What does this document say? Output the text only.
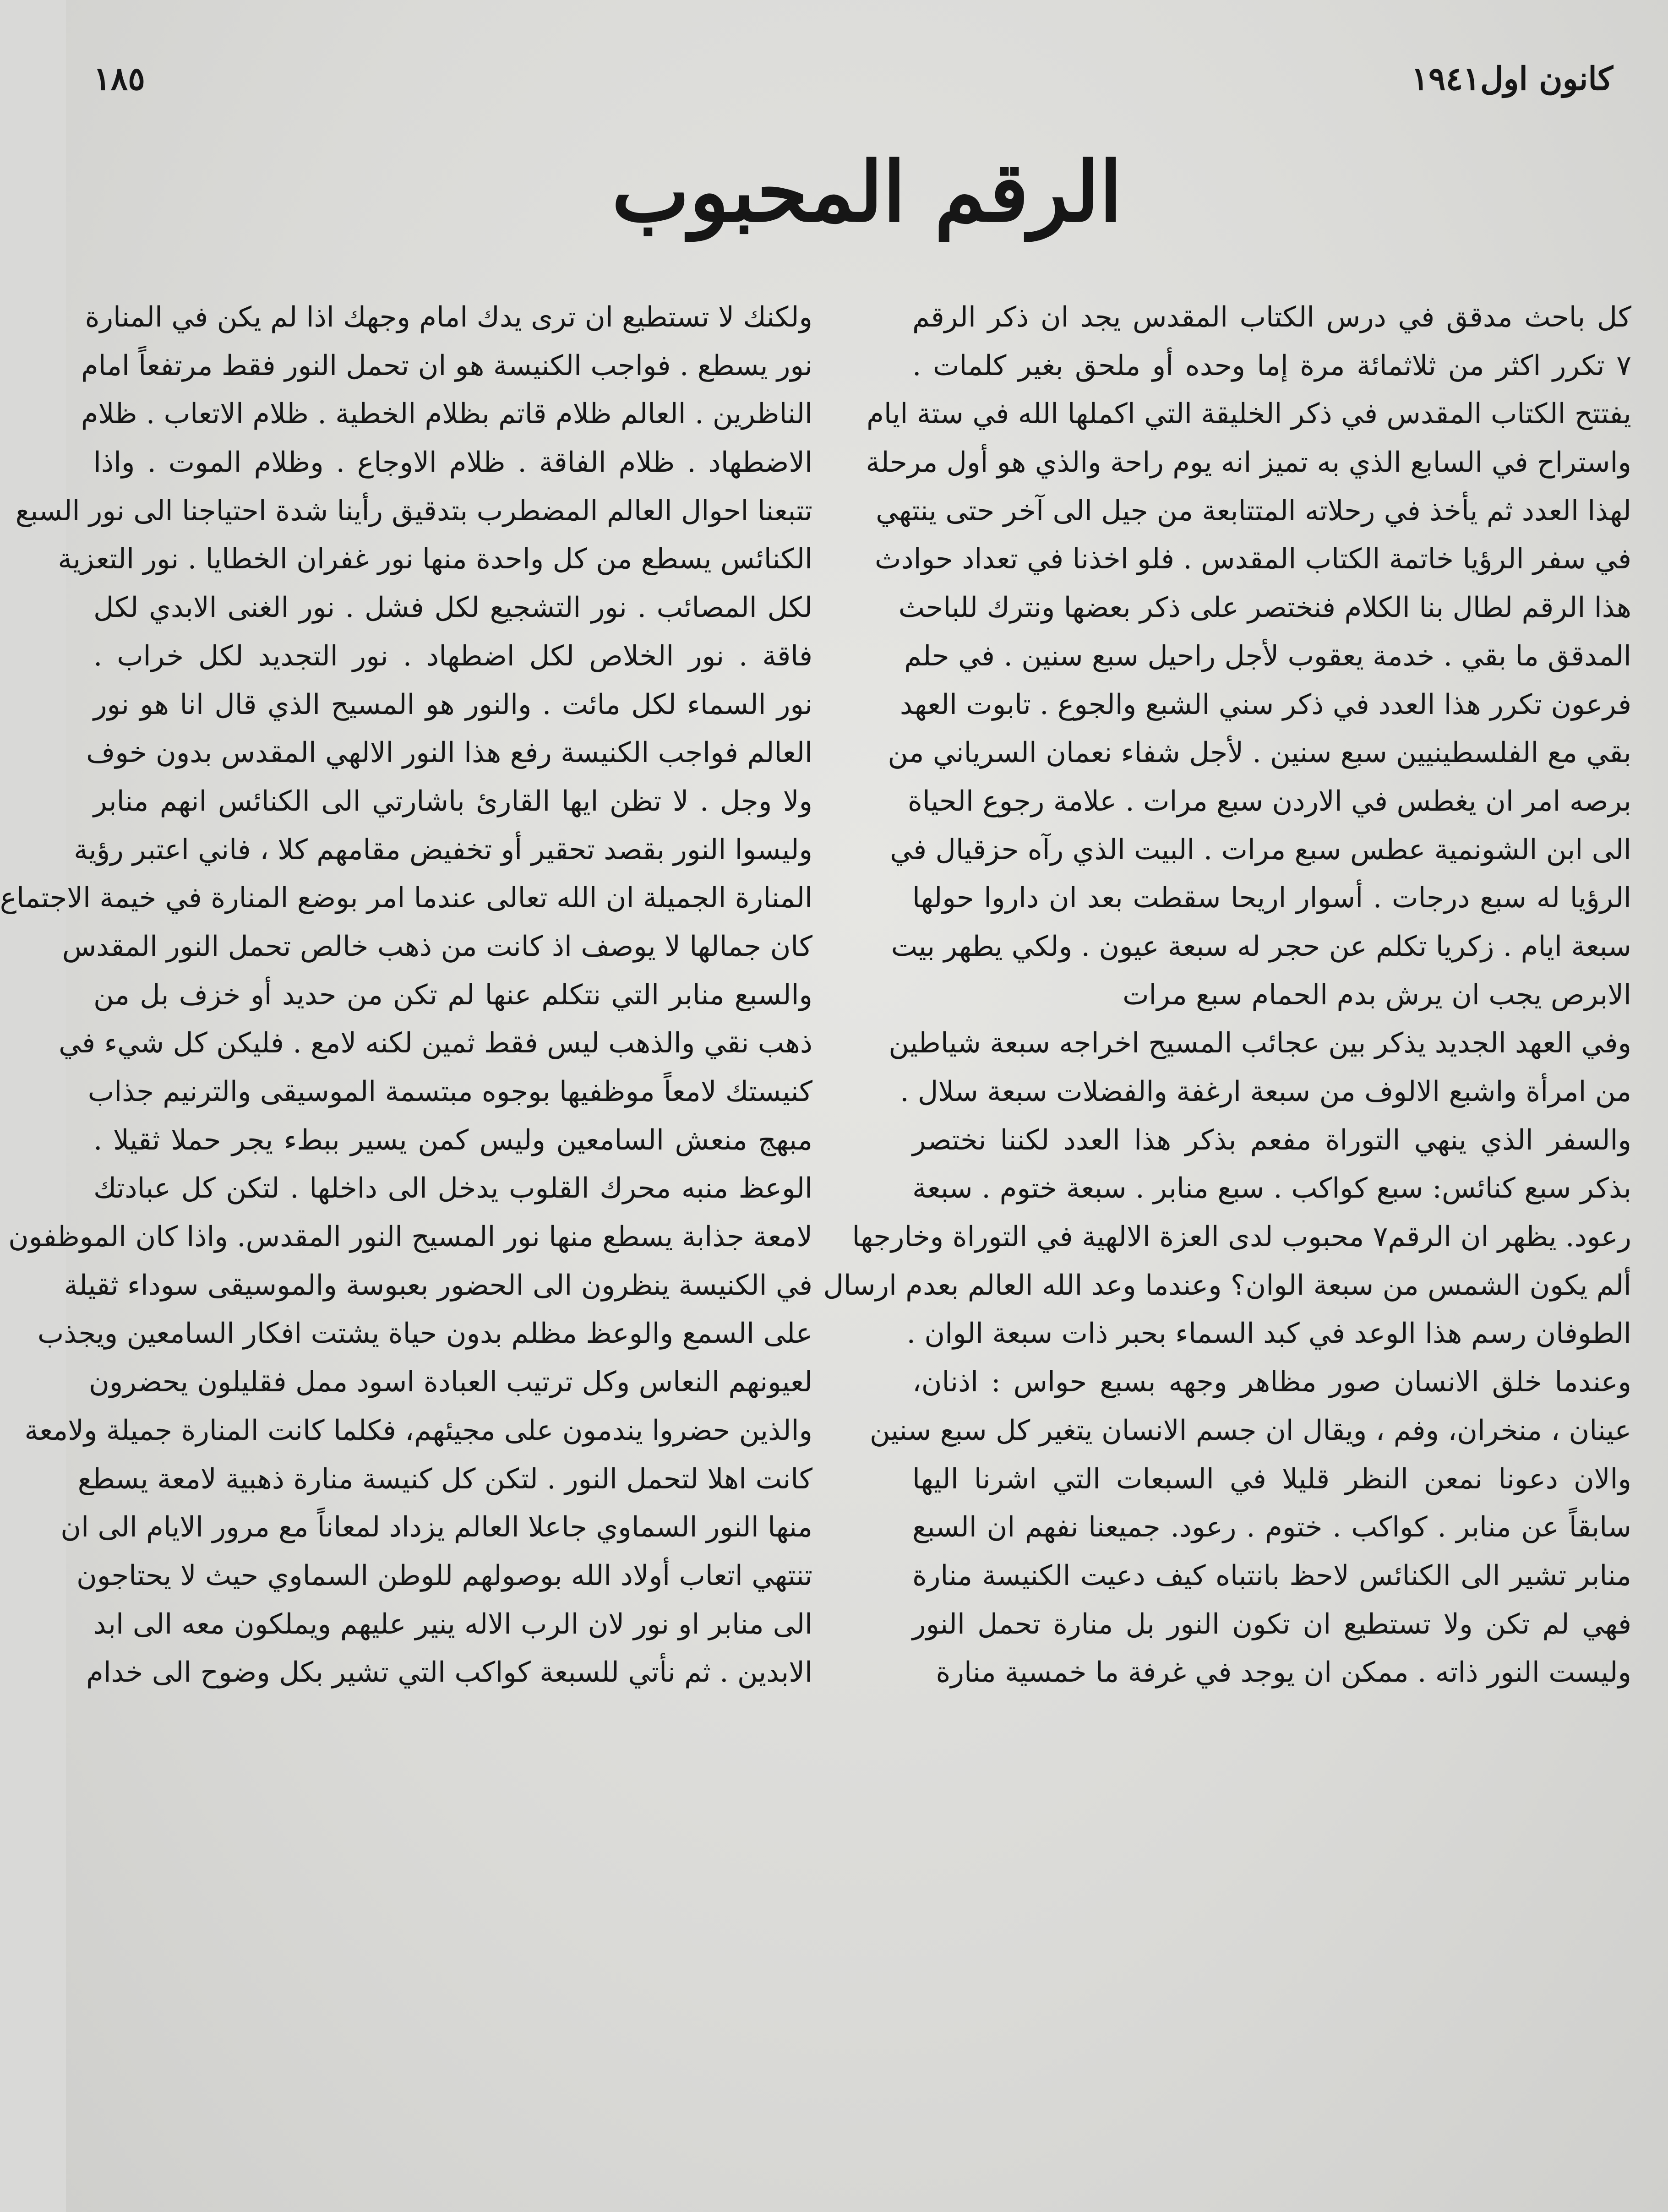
١٨٥	كانون اول١٩٤١
الرقم المحبوب
كل باحث مدقق في درس الكتاب المقدس يجد ان ذكر الرقم
٧ تكرر اكثر من ثلاثمائة مرة إما وحده أو ملحق بغير كلمات .
يفتتح الكتاب المقدس في ذكر الخليقة التي اكملها الله في ستة ايام
واستراح في السابع الذي به تميز انه يوم راحة والذي هو أول مرحلة
لهذا العدد ثم يأخذ في رحلاته المتتابعة من جيل الى آخر حتى ينتهي
في سفر الرؤيا خاتمة الكتاب المقدس . فلو اخذنا في تعداد حوادث
هذا الرقم لطال بنا الكلام فنختصر على ذكر بعضها ونترك للباحث
المدقق ما بقي . خدمة يعقوب لأجل راحيل سبع سنين . في حلم
فرعون تكرر هذا العدد في ذكر سني الشبع والجوع . تابوت العهد
بقي مع الفلسطينيين سبع سنين . لأجل شفاء نعمان السرياني من
برصه امر ان يغطس في الاردن سبع مرات . علامة رجوع الحياة
الى ابن الشونمية عطس سبع مرات . البيت الذي رآه حزقيال في
الرؤيا له سبع درجات . أسوار اريحا سقطت بعد ان داروا حولها
سبعة ايام . زكريا تكلم عن حجر له سبعة عيون . ولكي يطهر بيت
الابرص يجب ان يرش بدم الحمام سبع مرات
وفي العهد الجديد يذكر بين عجائب المسيح اخراجه سبعة شياطين
من امرأة واشبع الالوف من سبعة ارغفة والفضلات سبعة سلال .
والسفر الذي ينهي التوراة مفعم بذكر هذا العدد لكننا نختصر
بذكر سبع كنائس: سبع كواكب . سبع منابر . سبعة ختوم . سبعة
رعود. يظهر ان الرقم٧ محبوب لدى العزة الالهية في التوراة وخارجها
ألم يكون الشمس من سبعة الوان؟ وعندما وعد الله العالم بعدم ارسال
الطوفان رسم هذا الوعد في كبد السماء بحبر ذات سبعة الوان .
وعندما خلق الانسان صور مظاهر وجهه بسبع حواس : اذنان،
عينان ، منخران، وفم ، ويقال ان جسم الانسان يتغير كل سبع سنين
والان دعونا نمعن النظر قليلا في السبعات التي اشرنا اليها
سابقاً عن منابر . كواكب . ختوم . رعود. جميعنا نفهم ان السبع
منابر تشير الى الكنائس لاحظ بانتباه كيف دعيت الكنيسة منارة
فهي لم تكن ولا تستطيع ان تكون النور بل منارة تحمل النور
وليست النور ذاته . ممكن ان يوجد في غرفة ما خمسية منارة
ولكنك لا تستطيع ان ترى يدك امام وجهك اذا لم يكن في المنارة
نور يسطع . فواجب الكنيسة هو ان تحمل النور فقط مرتفعاً امام
الناظرين . العالم ظلام قاتم بظلام الخطية . ظلام الاتعاب . ظلام
الاضطهاد . ظلام الفاقة . ظلام الاوجاع . وظلام الموت . واذا
تتبعنا احوال العالم المضطرب بتدقيق رأينا شدة احتياجنا الى نور السبع
الكنائس يسطع من كل واحدة منها نور غفران الخطايا . نور التعزية
لكل المصائب . نور التشجيع لكل فشل . نور الغنى الابدي لكل
فاقة . نور الخلاص لكل اضطهاد . نور التجديد لكل خراب .
نور السماء لكل مائت . والنور هو المسيح الذي قال انا هو نور
العالم فواجب الكنيسة رفع هذا النور الالهي المقدس بدون خوف
ولا وجل . لا تظن ايها القارئ باشارتي الى الكنائس انهم منابر
وليسوا النور بقصد تحقير أو تخفيض مقامهم كلا ، فاني اعتبر رؤية
المنارة الجميلة ان الله تعالى عندما امر بوضع المنارة في خيمة الاجتماع
كان جمالها لا يوصف اذ كانت من ذهب خالص تحمل النور المقدس
والسبع منابر التي نتكلم عنها لم تكن من حديد أو خزف بل من
ذهب نقي والذهب ليس فقط ثمين لكنه لامع . فليكن كل شيء في
كنيستك لامعاً موظفيها بوجوه مبتسمة الموسيقى والترنيم جذاب
مبهج منعش السامعين وليس كمن يسير ببطء يجر حملا ثقيلا .
الوعظ منبه محرك القلوب يدخل الى داخلها . لتكن كل عبادتك
لامعة جذابة يسطع منها نور المسيح النور المقدس. واذا كان الموظفون
في الكنيسة ينظرون الى الحضور بعبوسة والموسيقى سوداء ثقيلة
على السمع والوعظ مظلم بدون حياة يشتت افكار السامعين ويجذب
لعيونهم النعاس وكل ترتيب العبادة اسود ممل فقليلون يحضرون
والذين حضروا يندمون على مجيئهم، فكلما كانت المنارة جميلة ولامعة
كانت اهلا لتحمل النور . لتكن كل كنيسة منارة ذهبية لامعة يسطع
منها النور السماوي جاعلا العالم يزداد لمعاناً مع مرور الايام الى ان
تنتهي اتعاب أولاد الله بوصولهم للوطن السماوي حيث لا يحتاجون
الى منابر او نور لان الرب الاله ينير عليهم ويملكون معه الى ابد
الابدين . ثم نأتي للسبعة كواكب التي تشير بكل وضوح الى خدام
